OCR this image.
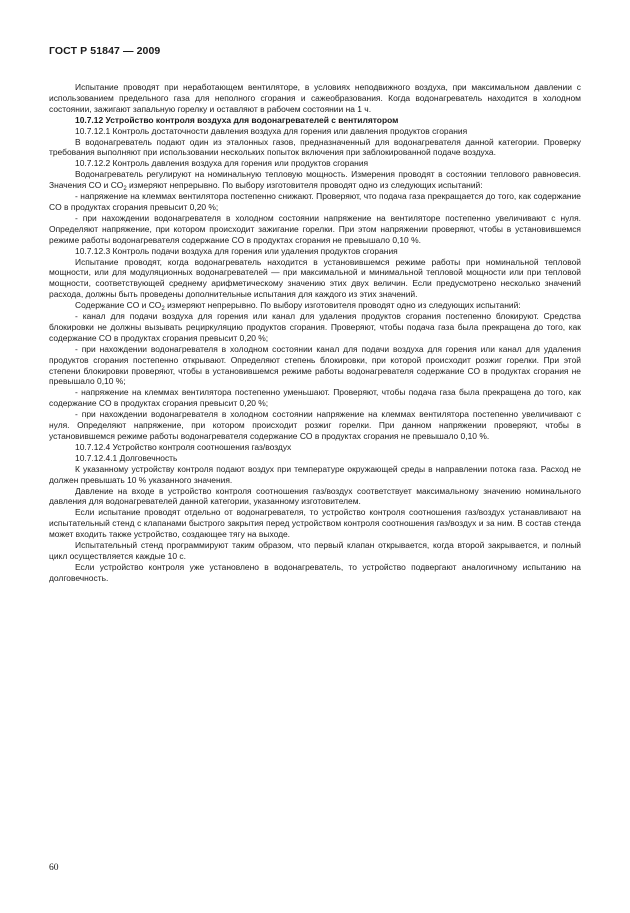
ГОСТ Р 51847 — 2009

Испытание проводят при неработающем вентиляторе, в условиях неподвижного воздуха, при максимальном давлении с использованием предельного газа для неполного сгорания и сажеобразования. Когда водонагреватель находится в холодном состоянии, зажигают запальную горелку и оставляют в рабочем состоянии на 1 ч.

10.7.12 Устройство контроля воздуха для водонагревателей с вентилятором

10.7.12.1 Контроль достаточности давления воздуха для горения или давления продуктов сгорания

В водонагреватель подают один из эталонных газов, предназначенный для водонагревателя данной категории. Проверку требования выполняют при использовании нескольких попыток включения при заблокированной подаче воздуха.

10.7.12.2 Контроль давления воздуха для горения или продуктов сгорания

Водонагреватель регулируют на номинальную тепловую мощность. Измерения проводят в состоянии теплового равновесия. Значения CO и $CO_2$ измеряют непрерывно. По выбору изготовителя проводят одно из следующих испытаний:

- напряжение на клеммах вентилятора постепенно снижают. Проверяют, что подача газа прекращается до того, как содержание CO в продуктах сгорания превысит 0,20 %;

- при нахождении водонагревателя в холодном состоянии напряжение на вентиляторе постепенно увеличивают с нуля. Определяют напряжение, при котором происходит зажигание горелки. При этом напряжении проверяют, чтобы в установившемся режиме работы водонагревателя содержание CO в продуктах сгорания не превышало 0,10 %.

10.7.12.3 Контроль подачи воздуха для горения или удаления продуктов сгорания

Испытание проводят, когда водонагреватель находится в установившемся режиме работы при номинальной тепловой мощности, или для модуляционных водонагревателей — при максимальной и минимальной тепловой мощности или при тепловой мощности, соответствующей среднему арифметическому значению этих двух величин. Если предусмотрено несколько значений расхода, должны быть проведены дополнительные испытания для каждого из этих значений.

Содержание CO и $CO_2$ измеряют непрерывно. По выбору изготовителя проводят одно из следующих испытаний:

- канал для подачи воздуха для горения или канал для удаления продуктов сгорания постепенно блокируют. Средства блокировки не должны вызывать рециркуляцию продуктов сгорания. Проверяют, чтобы подача газа была прекращена до того, как содержание CO в продуктах сгорания превысит 0,20 %;

- при нахождении водонагревателя в холодном состоянии канал для подачи воздуха для горения или канал для удаления продуктов сгорания постепенно открывают. Определяют степень блокировки, при которой происходит розжиг горелки. При этой степени блокировки проверяют, чтобы в установившемся режиме работы водонагревателя содержание CO в продуктах сгорания не превышало 0,10 %;

- напряжение на клеммах вентилятора постепенно уменьшают. Проверяют, чтобы подача газа была прекращена до того, как содержание CO в продуктах сгорания превысит 0,20 %;

- при нахождении водонагревателя в холодном состоянии напряжение на клеммах вентилятора постепенно увеличивают с нуля. Определяют напряжение, при котором происходит розжиг горелки. При данном напряжении проверяют, чтобы в установившемся режиме работы водонагревателя содержание CO в продуктах сгорания не превышало 0,10 %.

10.7.12.4 Устройство контроля соотношения газ/воздух

10.7.12.4.1 Долговечность

К указанному устройству контроля подают воздух при температуре окружающей среды в направлении потока газа. Расход не должен превышать 10 % указанного значения.

Давление на входе в устройство контроля соотношения газ/воздух соответствует максимальному значению номинального давления для водонагревателей данной категории, указанному изготовителем.

Если испытание проводят отдельно от водонагревателя, то устройство контроля соотношения газ/воздух устанавливают на испытательный стенд с клапанами быстрого закрытия перед устройством контроля соотношения газ/воздух и за ним. В состав стенда может входить также устройство, создающее тягу на выходе.

Испытательный стенд программируют таким образом, что первый клапан открывается, когда второй закрывается, и полный цикл осуществляется каждые 10 с.

Если устройство контроля уже установлено в водонагреватель, то устройство подвергают аналогичному испытанию на долговечность.

60
